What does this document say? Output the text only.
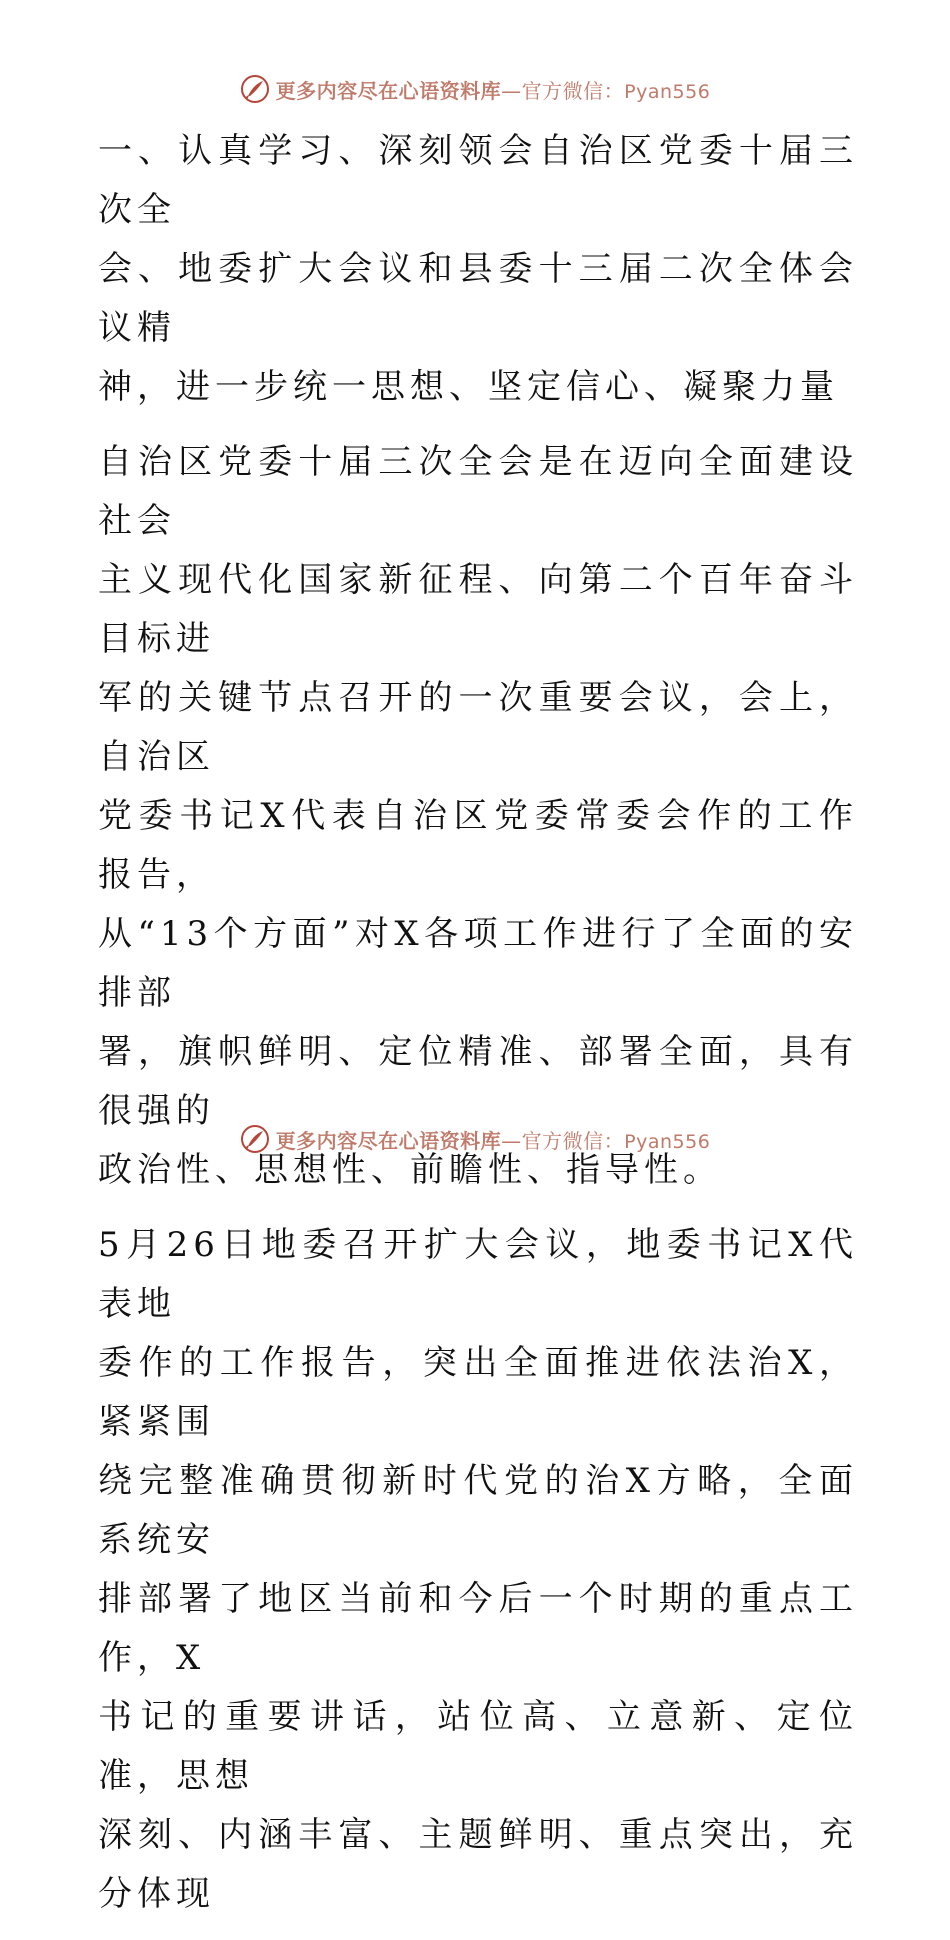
更多内容尽在心语资料库—官方微信：Pyan556

一、认真学习、深刻领会自治区党委十届三次全
会、地委扩大会议和县委十三届二次全体会议精
神，进一步统一思想、坚定信心、凝聚力量

自治区党委十届三次全会是在迈向全面建设社会
主义现代化国家新征程、向第二个百年奋斗目标进
军的关键节点召开的一次重要会议，会上，自治区
党委书记X代表自治区党委常委会作的工作报告，
从“13个方面”对X各项工作进行了全面的安排部
署，旗帜鲜明、定位精准、部署全面，具有很强的
政治性、思想性、前瞻性、指导性。

5月26日地委召开扩大会议，地委书记X代表地
委作的工作报告，突出全面推进依法治X，紧紧围
绕完整准确贯彻新时代党的治X方略，全面系统安
排部署了地区当前和今后一个时期的重点工作，X
书记的重要讲话，站位高、立意新、定位准，思想
深刻、内涵丰富、主题鲜明、重点突出，充分体现

更多内容尽在心语资料库—官方微信：Pyan556
